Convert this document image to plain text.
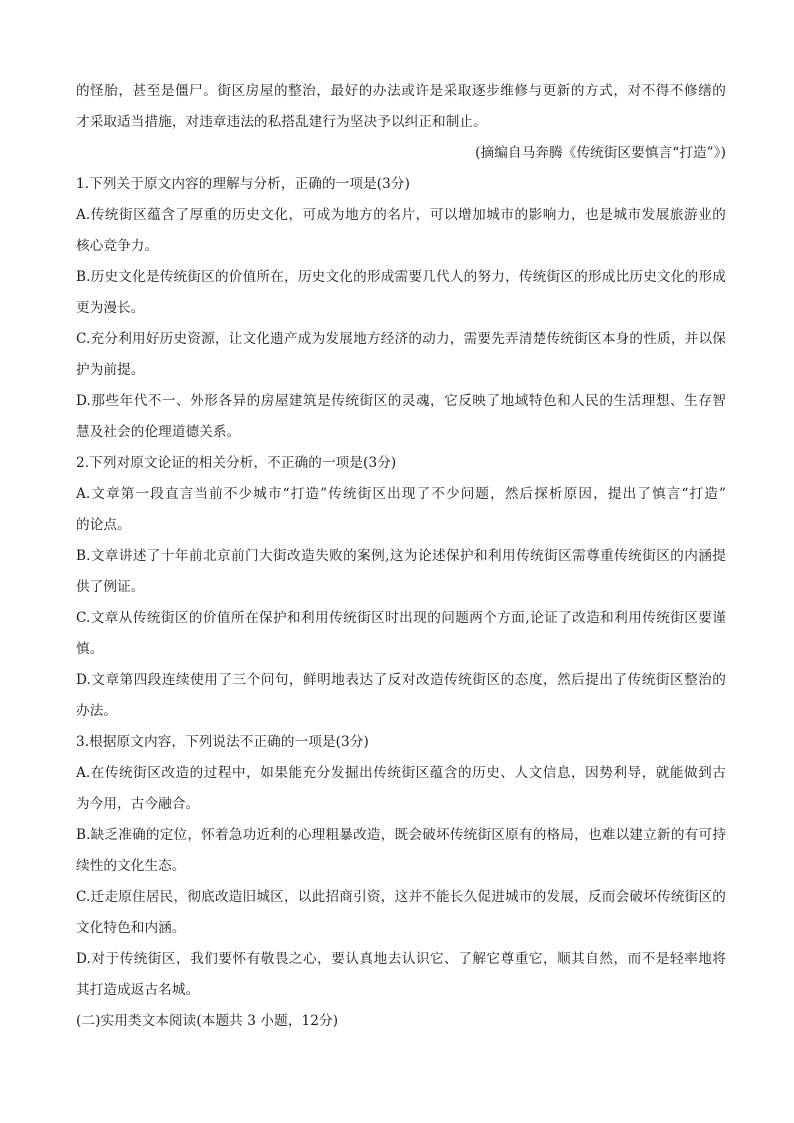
的怪胎，甚至是僵尸。街区房屋的整治，最好的办法或许是采取逐步维修与更新的方式，对不得不修缮的
才采取适当措施，对违章违法的私搭乱建行为坚决予以纠正和制止。
(摘编自马奔腾《传统街区要慎言“打造”》)
1.下列关于原文内容的理解与分析，正确的一项是(3分)
A.传统街区蕴含了厚重的历史文化，可成为地方的名片，可以增加城市的影响力，也是城市发展旅游业的
核心竞争力。
B.历史文化是传统街区的价值所在，历史文化的形成需要几代人的努力，传统街区的形成比历史文化的形成
更为漫长。
C.充分利用好历史资源，让文化遗产成为发展地方经济的动力，需要先弄清楚传统街区本身的性质，并以保
护为前提。
D.那些年代不一、外形各异的房屋建筑是传统街区的灵魂，它反映了地域特色和人民的生活理想、生存智
慧及社会的伦理道德关系。
2.下列对原文论证的相关分析，不正确的一项是(3分)
A.文章第一段直言当前不少城市“打造”传统街区出现了不少问题，然后探析原因，提出了慎言“打造”
的论点。
B.文章讲述了十年前北京前门大街改造失败的案例,这为论述保护和利用传统街区需尊重传统街区的内涵提
供了例证。
C.文章从传统街区的价值所在保护和利用传统街区时出现的问题两个方面,论证了改造和利用传统街区要谨
慎。
D.文章第四段连续使用了三个问句，鲜明地表达了反对改造传统街区的态度，然后提出了传统街区整治的
办法。
3.根据原文内容，下列说法不正确的一项是(3分)
A.在传统街区改造的过程中，如果能充分发掘出传统街区蕴含的历史、人文信息，因势利导，就能做到古
为今用，古今融合。
B.缺乏准确的定位，怀着急功近利的心理粗暴改造，既会破坏传统街区原有的格局，也难以建立新的有可持
续性的文化生态。
C.迁走原住居民，彻底改造旧城区，以此招商引资，这并不能长久促进城市的发展，反而会破坏传统街区的
文化特色和内涵。
D.对于传统街区，我们要怀有敬畏之心，要认真地去认识它、了解它尊重它，顺其自然，而不是轻率地将
其打造成返古名城。
(二)实用类文本阅读(本题共 3 小题，12分)
